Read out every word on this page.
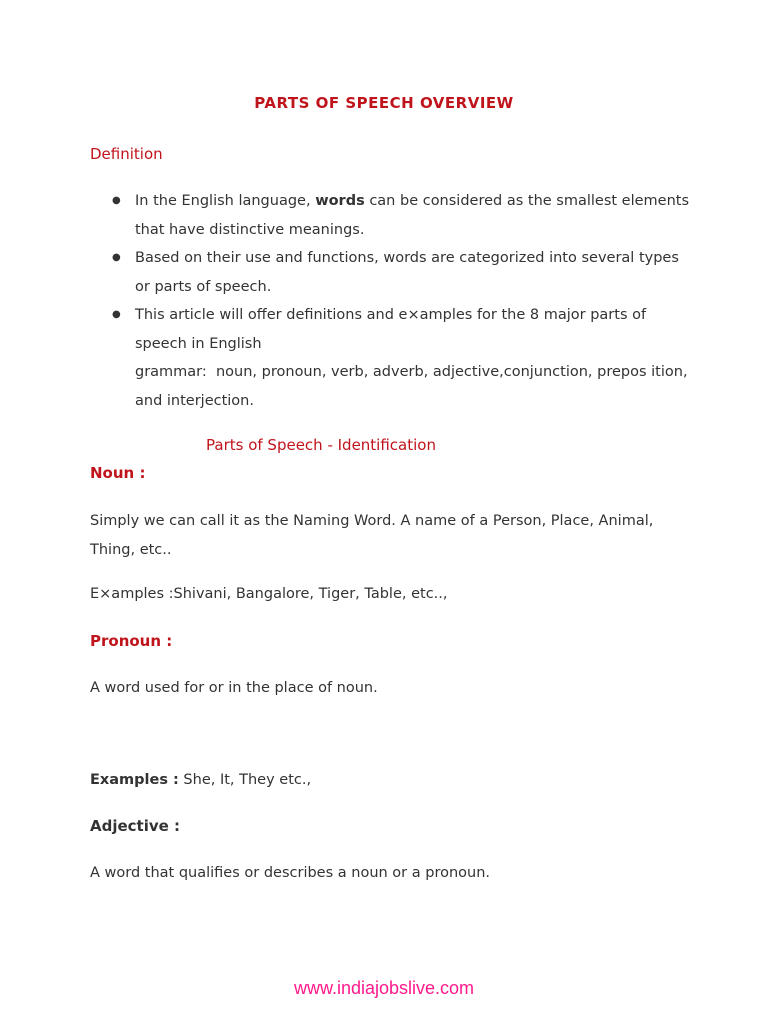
PARTS OF SPEECH OVERVIEW
Definition
● In the English language, words can be considered as the smallest elements that have distinctive meanings.
● Based on their use and functions, words are categorized into several types or parts of speech.
● This article will offer definitions and e×amples for the 8 major parts of speech in English
grammar:  noun, pronoun, verb, adverb, adjective,conjunction, prepos ition, and interjection.
Parts of Speech - Identification
Noun :

Simply we can call it as the Naming Word. A name of a Person, Place, Animal, Thing, etc..

E×amples :Shivani, Bangalore, Tiger, Table, etc..,

Pronoun :

A word used for or in the place of noun.

Examples : She, It, They etc.,

Adjective :

A word that qualifies or describes a noun or a pronoun.

www.indiajobslive.com
